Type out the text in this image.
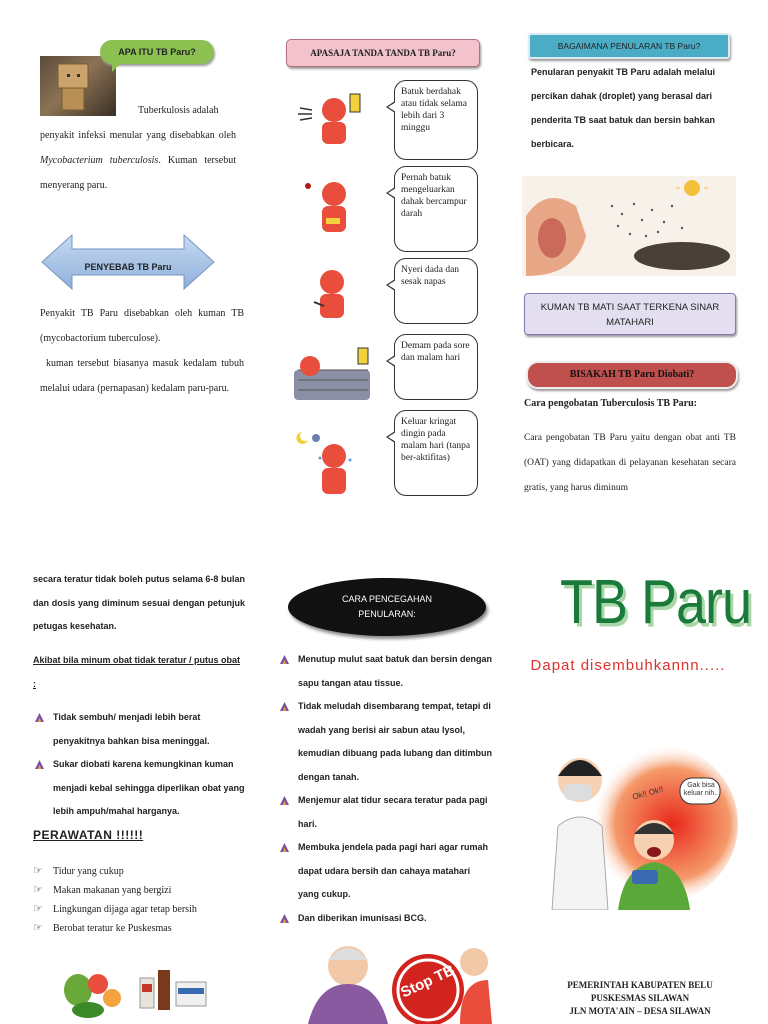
APA ITU TB Paru?
Tuberkulosis adalah
penyakit infeksi menular yang disebabkan oleh Mycobacterium tuberculosis. Kuman tersebut menyerang paru.
PENYEBAB TB Paru
Penyakit TB Paru disebabkan oleh kuman TB (mycobactorium tuberculose).
kuman tersebut biasanya masuk kedalam tubuh melalui udara (pernapasan) kedalam paru-paru.
APASAJA TANDA TANDA TB Paru?
Batuk berdahak atau tidak selama lebih dari 3 minggu
Pernah batuk mengeluarkan dahak bercampur darah
Nyeri dada dan sesak napas
Demam pada sore dan malam hari
Keluar kringat dingin pada malam hari (tanpa ber-aktifitas)
BAGAIMANA PENULARAN TB Paru?
Penularan penyakit TB Paru adalah melalui percikan dahak (droplet) yang berasal dari penderita TB saat batuk dan bersin bahkan berbicara.
KUMAN TB MATI SAAT TERKENA SINAR MATAHARI
BISAKAH TB Paru Diobati?
Cara pengobatan Tuberculosis TB Paru:
Cara pengobatan TB Paru yaitu dengan obat anti TB (OAT) yang didapatkan di pelayanan kesehatan secara gratis, yang harus diminum
secara teratur tidak boleh putus selama 6-8 bulan dan dosis yang diminum sesuai dengan petunjuk petugas kesehatan.
Akibat bila minum obat tidak teratur / putus obat :
Tidak sembuh/ menjadi lebih berat penyakitnya bahkan bisa meninggal.
Sukar diobati karena kemungkinan kuman menjadi kebal sehingga diperlikan obat yang lebih ampuh/mahal harganya.
PERAWATAN !!!!!!
☞ Tidur yang cukup
☞ Makan makanan yang bergizi
☞ Lingkungan dijaga agar tetap bersih
☞ Berobat teratur ke Puskesmas
CARA PENCEGAHAN PENULARAN:
Menutup mulut saat batuk dan bersin dengan sapu tangan atau tissue.
Tidak meludah disembarang tempat, tetapi di wadah yang berisi air sabun atau lysol, kemudian dibuang pada lubang dan ditimbun dengan tanah.
Menjemur alat tidur secara teratur pada pagi hari.
Membuka jendela pada pagi hari agar rumah dapat udara bersih dan cahaya matahari yang cukup.
Dan diberikan imunisasi BCG.
Stop TB
TB Paru
Dapat disembuhkannn.....
Ok!! Ok!!	Gak bisa keluar nih..
PEMERINTAH KABUPATEN BELU
PUSKESMAS SILAWAN
JLN MOTA'AIN – DESA SILAWAN
